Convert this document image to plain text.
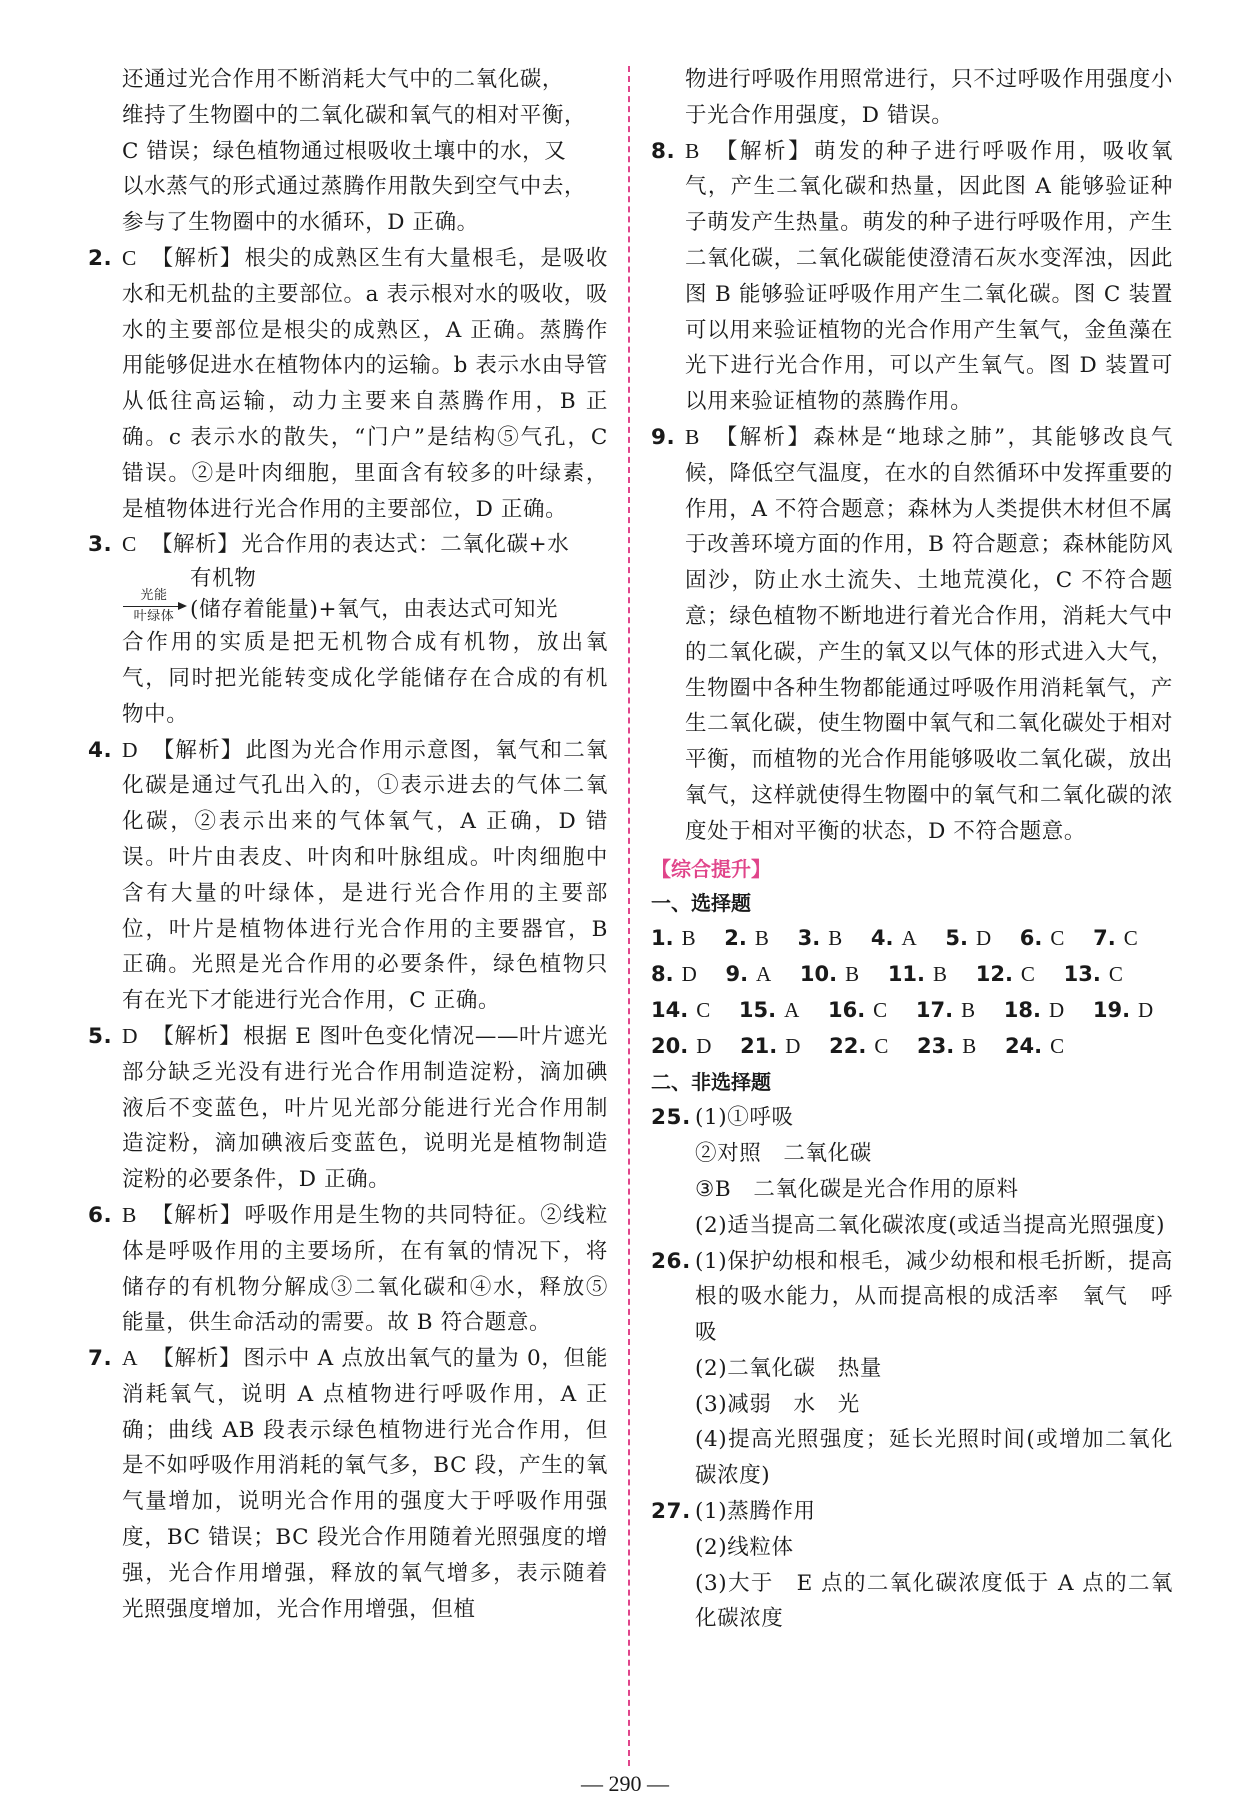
还通过光合作用不断消耗大气中的二氧化碳，

维持了生物圈中的二氧化碳和氧气的相对平衡，

C 错误；绿色植物通过根吸收土壤中的水，又

以水蒸气的形式通过蒸腾作用散失到空气中去，

参与了生物圈中的水循环，D 正确。

2. C 【解析】根尖的成熟区生有大量根毛，是吸收水和无机盐的主要部位。a 表示根对水的吸收，吸水的主要部位是根尖的成熟区，A 正确。蒸腾作用能够促进水在植物体内的运输。b 表示水由导管从低往高运输，动力主要来自蒸腾作用，B 正确。c 表示水的散失，“门户”是结构⑤气孔，C 错误。②是叶肉细胞，里面含有较多的叶绿素，是植物体进行光合作用的主要部位，D 正确。
3. C 【解析】光合作用的表达式：二氧化碳+水
光能
叶绿体
有机物
(储存着能量) +氧气，由表达式可知光
合作用的实质是把无机物合成有机物，放出氧气，同时把光能转变成化学能储存在合成的有机物中。
4. D 【解析】此图为光合作用示意图，氧气和二氧化碳是通过气孔出入的，①表示进去的气体二氧化碳，②表示出来的气体氧气，A 正确，D 错误。叶片由表皮、叶肉和叶脉组成。叶肉细胞中含有大量的叶绿体，是进行光合作用的主要部位，叶片是植物体进行光合作用的主要器官，B 正确。光照是光合作用的必要条件，绿色植物只有在光下才能进行光合作用，C 正确。
5. D 【解析】根据 E 图叶色变化情况——叶片遮光部分缺乏光没有进行光合作用制造淀粉，滴加碘液后不变蓝色，叶片见光部分能进行光合作用制造淀粉，滴加碘液后变蓝色，说明光是植物制造淀粉的必要条件，D 正确。
6. B 【解析】呼吸作用是生物的共同特征。②线粒体是呼吸作用的主要场所，在有氧的情况下，将储存的有机物分解成③二氧化碳和④水，释放⑤能量，供生命活动的需要。故 B 符合题意。
7. A 【解析】图示中 A 点放出氧气的量为 0，但能消耗氧气，说明 A 点植物进行呼吸作用，A 正确；曲线 AB 段表示绿色植物进行光合作用，但是不如呼吸作用消耗的氧气多，BC 段，产生的氧气量增加，说明光合作用的强度大于呼吸作用强度，BC 错误；BC 段光合作用随着光照强度的增强，光合作用增强，释放的氧气增多，表示随着光照强度增加，光合作用增强，但植

物进行呼吸作用照常进行，只不过呼吸作用强度小于光合作用强度，D 错误。

8. B 【解析】萌发的种子进行呼吸作用，吸收氧气，产生二氧化碳和热量，因此图 A 能够验证种子萌发产生热量。萌发的种子进行呼吸作用，产生二氧化碳，二氧化碳能使澄清石灰水变浑浊，因此图 B 能够验证呼吸作用产生二氧化碳。图 C 装置可以用来验证植物的光合作用产生氧气，金鱼藻在光下进行光合作用，可以产生氧气。图 D 装置可以用来验证植物的蒸腾作用。
9. B 【解析】森林是“地球之肺”，其能够改良气候，降低空气温度，在水的自然循环中发挥重要的作用，A 不符合题意；森林为人类提供木材但不属于改善环境方面的作用，B 符合题意；森林能防风固沙，防止水土流失、土地荒漠化，C 不符合题意；绿色植物不断地进行着光合作用，消耗大气中的二氧化碳，产生的氧又以气体的形式进入大气，生物圈中各种生物都能通过呼吸作用消耗氧气，产生二氧化碳，使生物圈中氧气和二氧化碳处于相对平衡，而植物的光合作用能够吸收二氧化碳，放出氧气，这样就使得生物圈中的氧气和二氧化碳的浓度处于相对平衡的状态，D 不符合题意。
【综合提升】
一、选择题
1. B 2. B 3. B 4. A 5. D 6. C 7. C
8. D 9. A 10. B 11. B 12. C 13. C
14. C 15. A 16. C 17. B 18. D 19. D
20. D 21. D 22. C 23. B 24. C
二、非选择题
25. (1)①呼吸
②对照　二氧化碳
③B　二氧化碳是光合作用的原料
(2)适当提高二氧化碳浓度(或适当提高光照强度)
26. (1)保护幼根和根毛，减少幼根和根毛折断，提高根的吸水能力，从而提高根的成活率　氧气　呼吸
(2)二氧化碳　热量
(3)减弱　水　光
(4)提高光照强度；延长光照时间(或增加二氧化碳浓度)
27. (1)蒸腾作用
(2)线粒体
(3)大于　E 点的二氧化碳浓度低于 A 点的二氧化碳浓度
— 290 —
